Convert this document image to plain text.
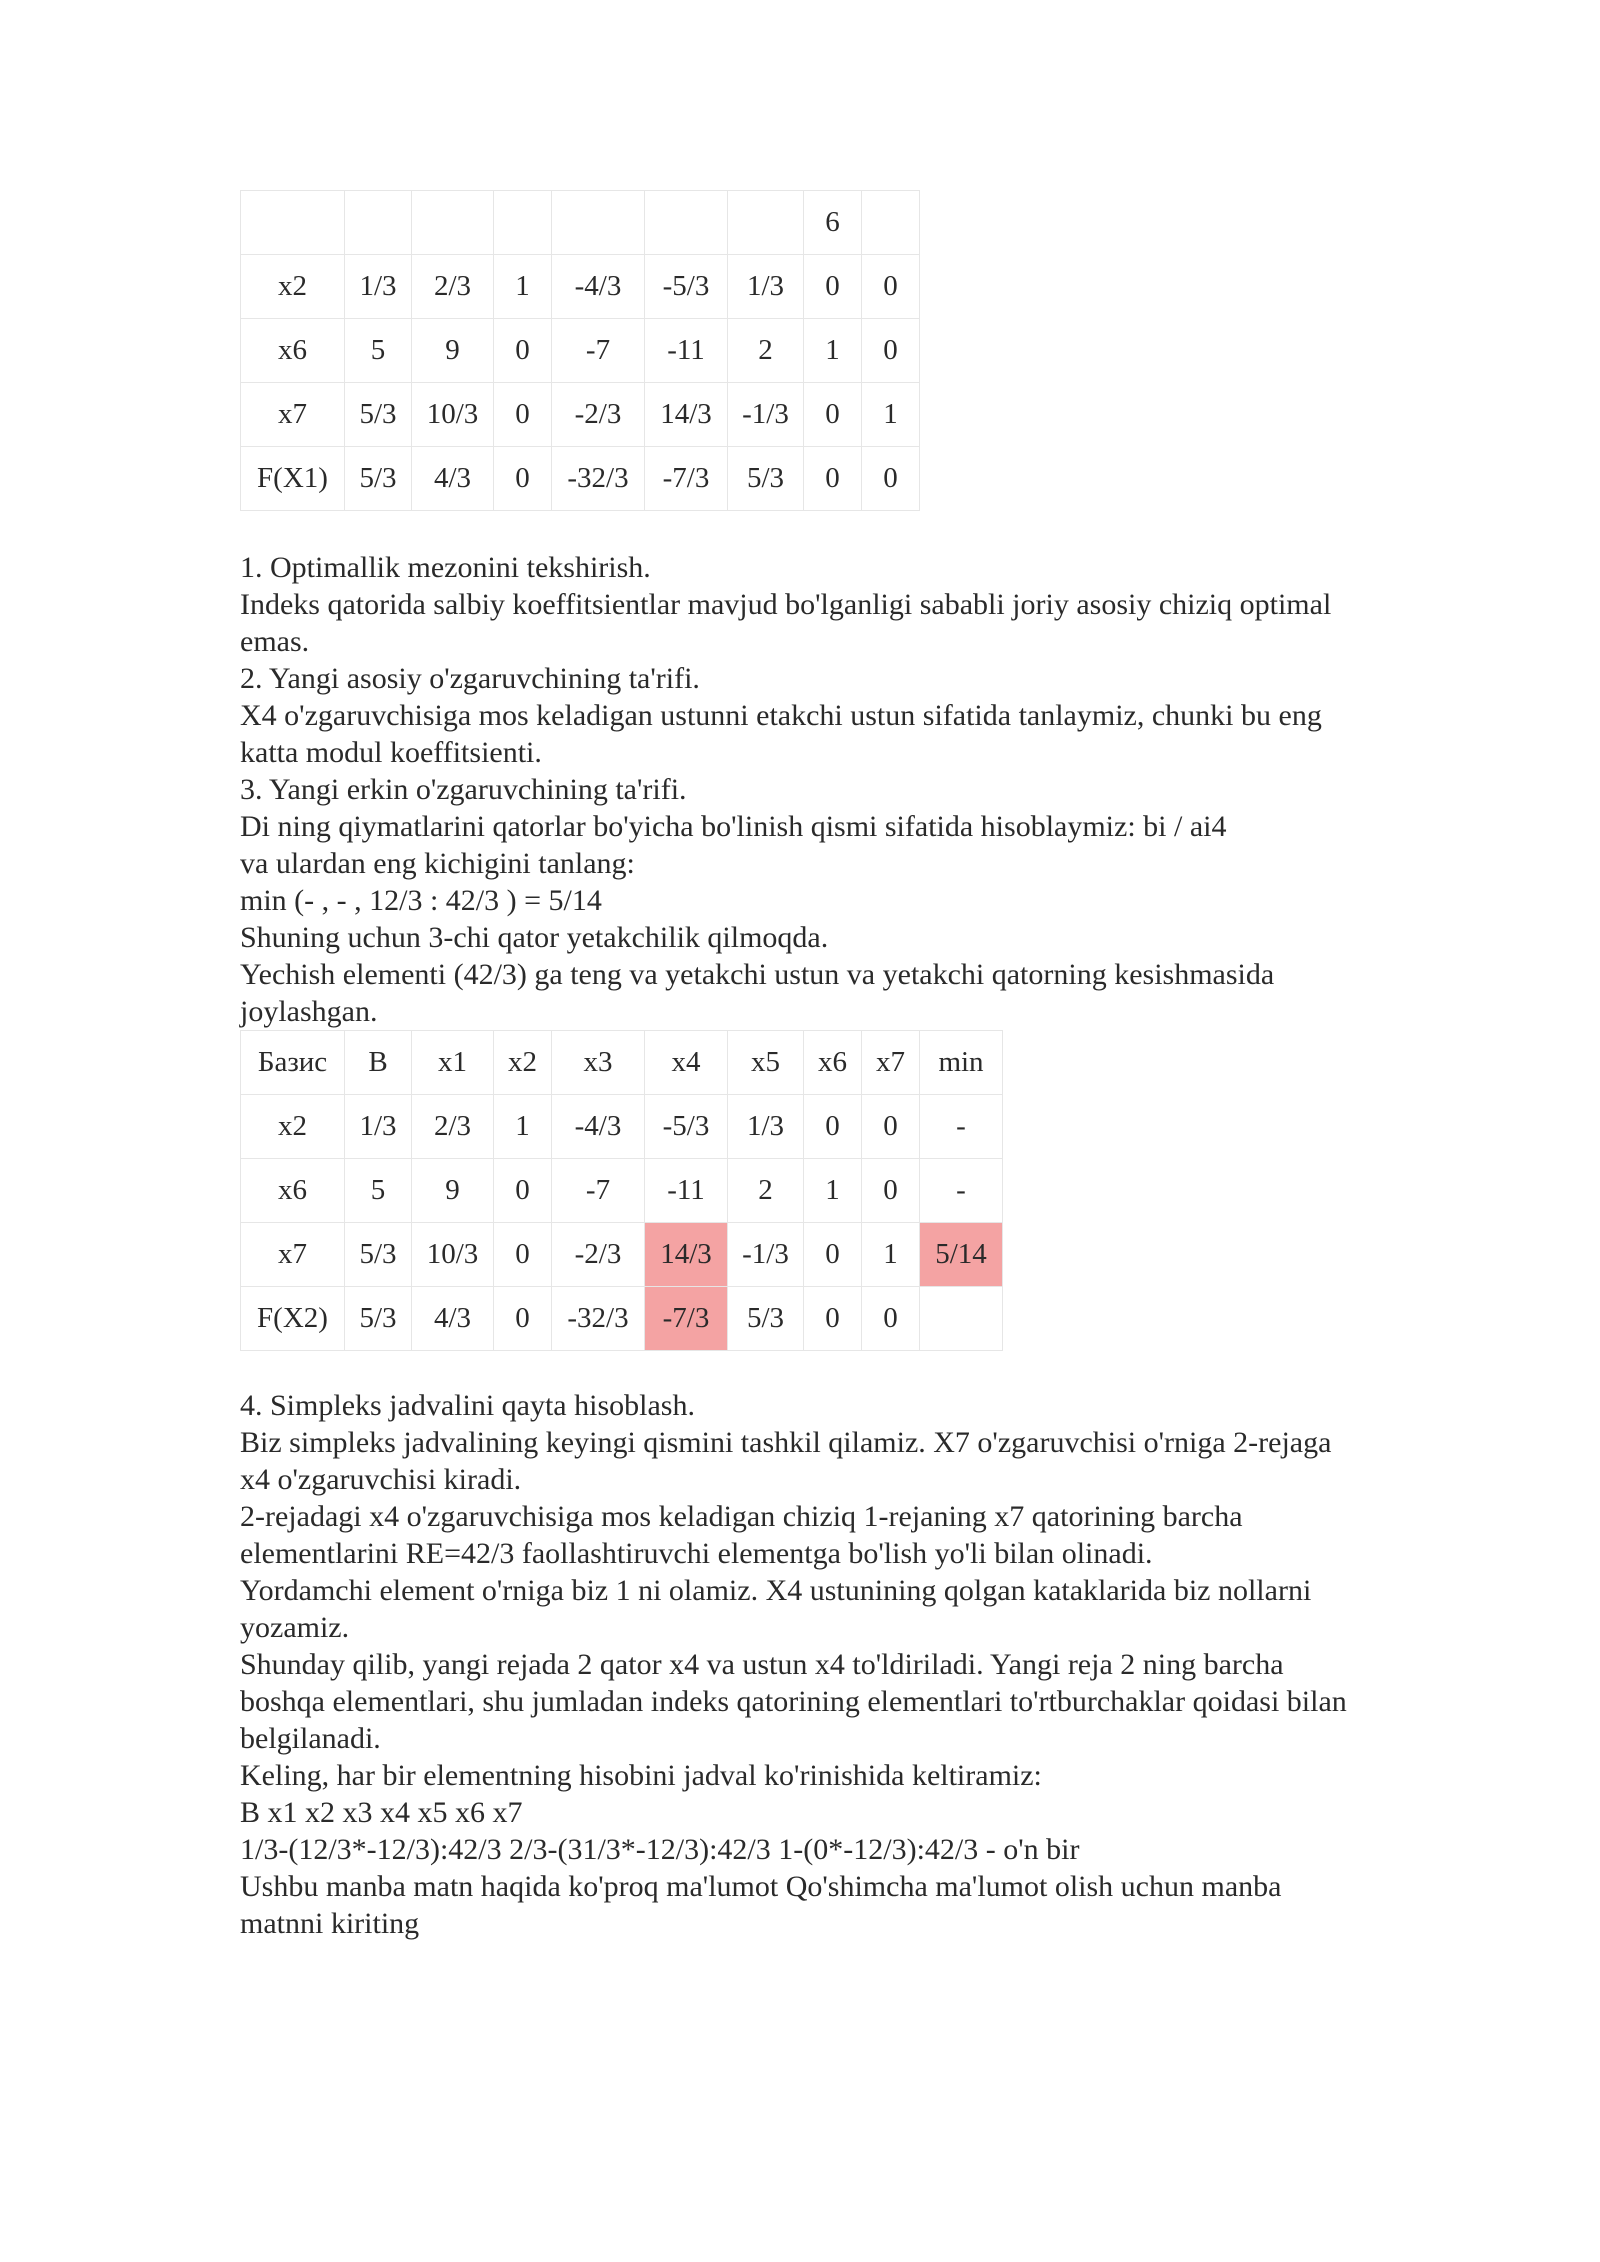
							6	
x2	1/3	2/3	1	-4/3	-5/3	1/3	0	0
x6	5	9	0	-7	-11	2	1	0
x7	5/3	10/3	0	-2/3	14/3	-1/3	0	1
F(X1)	5/3	4/3	0	-32/3	-7/3	5/3	0	0
1. Optimallik mezonini tekshirish.
Indeks qatorida salbiy koeffitsientlar mavjud bo'lganligi sababli joriy asosiy chiziq optimal emas.
2. Yangi asosiy o'zgaruvchining ta'rifi.
X4 o'zgaruvchisiga mos keladigan ustunni etakchi ustun sifatida tanlaymiz, chunki bu eng katta modul koeffitsienti.
3. Yangi erkin o'zgaruvchining ta'rifi.
Di ning qiymatlarini qatorlar bo'yicha bo'linish qismi sifatida hisoblaymiz: bi / ai4
va ulardan eng kichigini tanlang:
min (- , - , 12/3 : 42/3 ) = 5/14
Shuning uchun 3-chi qator yetakchilik qilmoqda.
Yechish elementi (42/3) ga teng va yetakchi ustun va yetakchi qatorning kesishmasida joylashgan.
Базис	B	x1	x2	x3	x4	x5	x6	x7	min
x2	1/3	2/3	1	-4/3	-5/3	1/3	0	0	-
x6	5	9	0	-7	-11	2	1	0	-
x7	5/3	10/3	0	-2/3	14/3	-1/3	0	1	5/14
F(X2)	5/3	4/3	0	-32/3	-7/3	5/3	0	0	
4. Simpleks jadvalini qayta hisoblash.
Biz simpleks jadvalining keyingi qismini tashkil qilamiz. X7 o'zgaruvchisi o'rniga 2-rejaga x4 o'zgaruvchisi kiradi.
2-rejadagi x4 o'zgaruvchisiga mos keladigan chiziq 1-rejaning x7 qatorining barcha elementlarini RE=42/3 faollashtiruvchi elementga bo'lish yo'li bilan olinadi.
Yordamchi element o'rniga biz 1 ni olamiz. X4 ustunining qolgan kataklarida biz nollarni yozamiz.
Shunday qilib, yangi rejada 2 qator x4 va ustun x4 to'ldiriladi. Yangi reja 2 ning barcha boshqa elementlari, shu jumladan indeks qatorining elementlari to'rtburchaklar qoidasi bilan belgilanadi.
Keling, har bir elementning hisobini jadval ko'rinishida keltiramiz:
B x1 x2 x3 x4 x5 x6 x7
1/3-(12/3*-12/3):42/3 2/3-(31/3*-12/3):42/3 1-(0*-12/3):42/3 - o'n bir
Ushbu manba matn haqida ko'proq ma'lumot Qo'shimcha ma'lumot olish uchun manba matnni kiriting
